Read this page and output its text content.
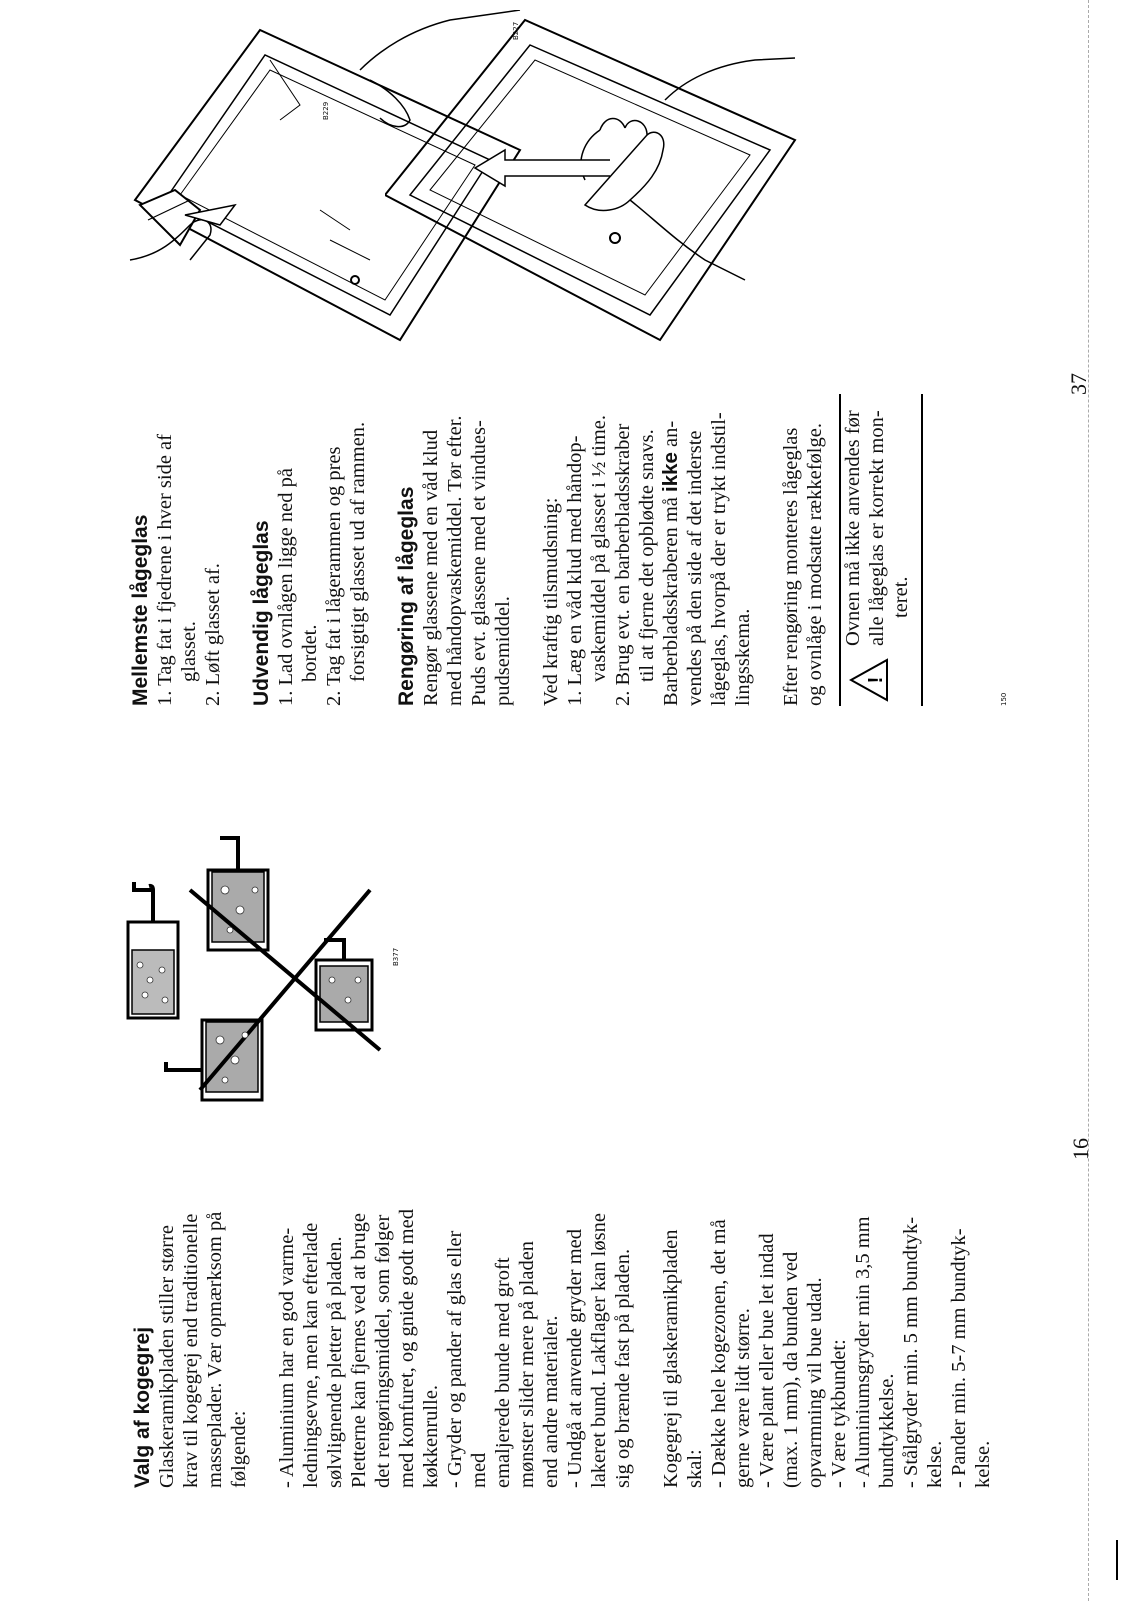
Valg af kogegrej Glaskeramikpladen stiller større krav til kogegrej end traditionelle masseplader. Vær opmærksom på følgende: - Aluminium har en god varme- ledningsevne, men kan efterlade sølvlignende pletter på pladen. Pletterne kan fjernes ved at bruge det rengøringsmiddel, som følger med komfuret, og gnide godt med køkkenrulle. - Gryder og pander af glas eller med emaljerede bunde med groft mønster slider mere på pladen end andre materialer. - Undgå at anvende gryder med lakeret bund. Lakflager kan løsne sig og brænde fast på pladen. Kogegrej til glaskeramikpladen skal: - Dække hele kogezonen, det må gerne være lidt større. - Være plant eller bue let indad (max. 1 mm), da bunden ved opvarmning vil bue udad. - Være tykbundet: - Aluminiumsgryder min 3,5 mm bundtykkelse. - Stålgryder min. 5 mm bundtyk- kelse. - Pander min. 5-7 mm bundtyk- kelse.

16
B377
Mellemste lågeglas 1. Tag fat i fjedrene i hver side af glasset.

2. Løft glasset af. Udvendig lågeglas 1. Lad ovnlågen ligge ned på bordet.

2. Tag fat i lågerammen og pres forsigtigt glasset ud af rammen. Rengøring af lågeglas Rengør glassene med en våd klud med håndopvaskemiddel. Tør efter. Puds evt. glassene med et vindues- pudsemiddel. Ved kraftig tilsmudsning: 1. Læg en våd klud med håndop- vaskemiddel på glasset i ½ time.

2. Brug evt. en barberbladsskraber til at fjerne det opblødte snavs. Barberbladsskraberen må ikke an- vendes på den side af det inderste lågeglas, hvorpå der er trykt indstil- lingsskema. Efter rengøring monteres lågeglas og ovnlåge i modsatte rækkefølge. !

Ovnen må ikke anvendes før alle lågeglas er korrekt mon- teret.

150
37
B229
B227
